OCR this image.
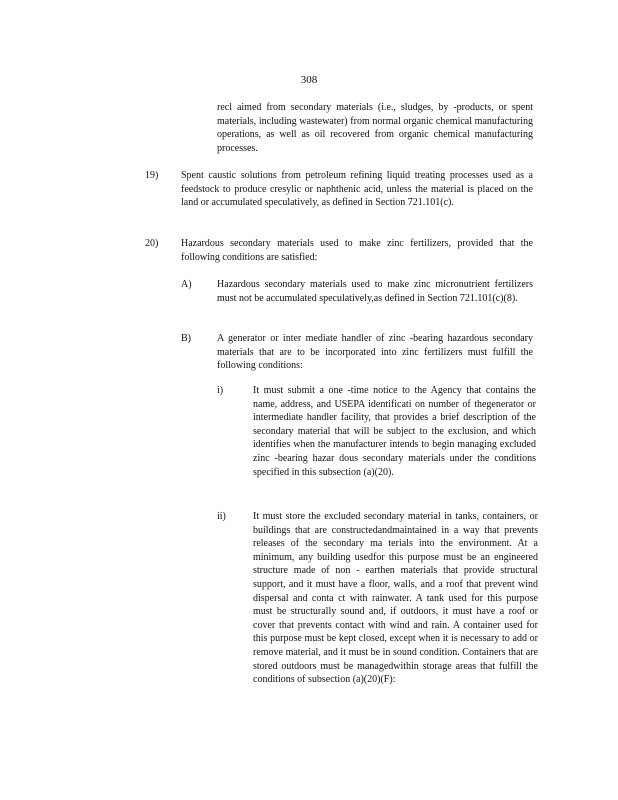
308
recl aimed from secondary materials (i.e., sludges, by -products, or spent materials, including wastewater) from normal organic chemical manufacturing operations, as well as oil recovered from organic chemical manufacturing processes.
19) Spent caustic solutions from petroleum refining liquid treating processes used as a feedstock to produce cresylic or naphthenic acid, unless the material is placed on the land or accumulated speculatively, as defined in Section 721.101(c).
20) Hazardous secondary materials used to make zinc fertilizers, provided that the following conditions are satisfied:
A)	Hazardous secondary materials used to make zinc micronutrient fertilizers must not be accumulated speculatively,as defined in Section 721.101(c)(8).
B)	A generator or inter mediate handler of zinc -bearing hazardous secondary materials that are to be incorporated into zinc fertilizers must fulfill the following conditions:
i)	It must submit a one -time notice to the Agency that contains the name, address, and USEPA identificati on number of thegenerator or intermediate handler facility, that provides a brief description of the secondary material that will be subject to the exclusion, and which identifies when the manufacturer intends to begin managing excluded zinc -bearing hazar dous secondary materials under the conditions specified in this subsection (a)(20).
ii)	It must store the excluded secondary material in tanks, containers, or buildings that are constructedandmaintained in a way that prevents releases of the secondary ma terials into the environment. At a minimum, any building usedfor this purpose must be an engineered structure made of non - earthen materials that provide structural support, and it must have a floor, walls, and a roof that prevent wind dispersal and conta ct with rainwater. A tank used for this purpose must be structurally sound and, if outdoors, it must have a roof or cover that prevents contact with wind and rain. A container used for this purpose must be kept closed, except when it is necessary to add or remove material, and it must be in sound condition. Containers that are stored outdoors must be managedwithin storage areas that fulfill the conditions of subsection (a)(20)(F):
